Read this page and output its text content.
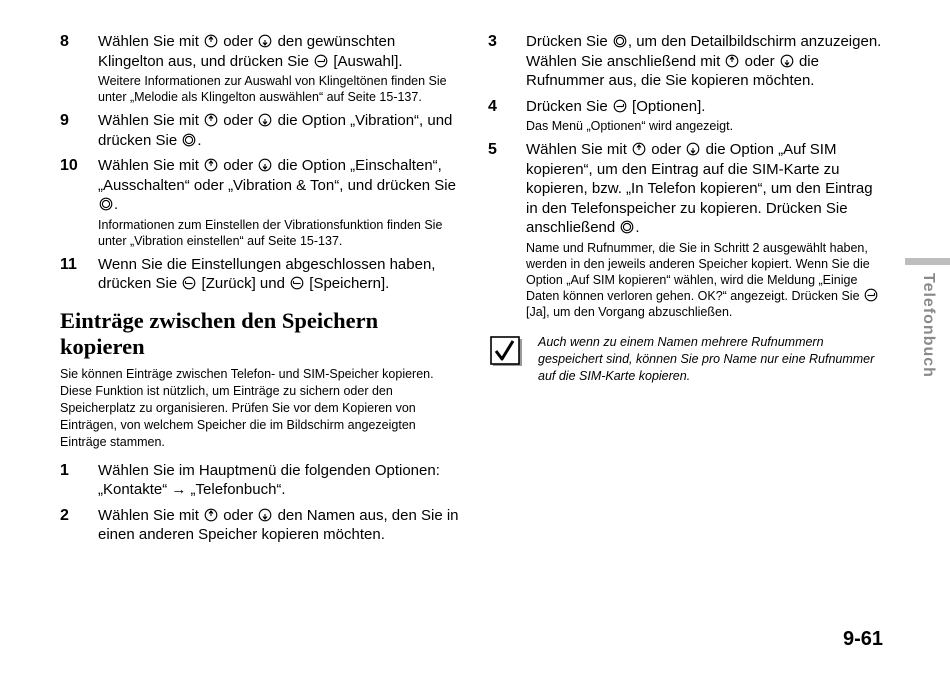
8 Wählen Sie mit
oder
den gewünschten Klingelton aus, und drücken Sie
[Auswahl].
Weitere Informationen zur Auswahl von Klingeltönen finden Sie unter „Melodie als Klingelton auswählen“ auf Seite 15-137.
9 Wählen Sie mit
oder
die Option „Vibration“, und drücken Sie
.
10 Wählen Sie mit
oder
die Option „Einschalten“, „Ausschalten“ oder „Vibration & Ton“, und drücken Sie
.
Informationen zum Einstellen der Vibrationsfunktion finden Sie unter „Vibration einstellen“ auf Seite 15-137.
11 Wenn Sie die Einstellungen abgeschlossen haben, drücken Sie
[Zurück] und
[Speichern].
Einträge zwischen den Speichern kopieren
Sie können Einträge zwischen Telefon- und SIM-Speicher kopieren. Diese Funktion ist nützlich, um Einträge zu sichern oder den Speicherplatz zu organisieren. Prüfen Sie vor dem Kopieren von Einträgen, von welchem Speicher die im Bildschirm angezeigten Einträge stammen.
1 Wählen Sie im Hauptmenü die folgenden Optionen: „Kontakte“ → „Telefonbuch“.
2 Wählen Sie mit
oder
den Namen aus, den Sie in einen anderen Speicher kopieren möchten.
3 Drücken Sie
, um den Detailbildschirm anzuzeigen. Wählen Sie anschließend mit
oder
die Rufnummer aus, die Sie kopieren möchten.
4 Drücken Sie
[Optionen].
Das Menü „Optionen“ wird angezeigt.
5 Wählen Sie mit
oder
die Option „Auf SIM kopieren“, um den Eintrag auf die SIM-Karte zu kopieren, bzw. „In Telefon kopieren“, um den Eintrag in den Telefonspeicher zu kopieren. Drücken Sie anschließend
.
Name und Rufnummer, die Sie in Schritt 2 ausgewählt haben, werden in den jeweils anderen Speicher kopiert. Wenn Sie die Option „Auf SIM kopieren“ wählen, wird die Meldung „Einige Daten können verloren gehen. OK?“ angezeigt. Drücken Sie
[Ja], um den Vorgang abzuschließen.
Auch wenn zu einem Namen mehrere Rufnummern gespeichert sind, können Sie pro Name nur eine Rufnummer auf die SIM-Karte kopieren.	Telefonbuch
9-61
